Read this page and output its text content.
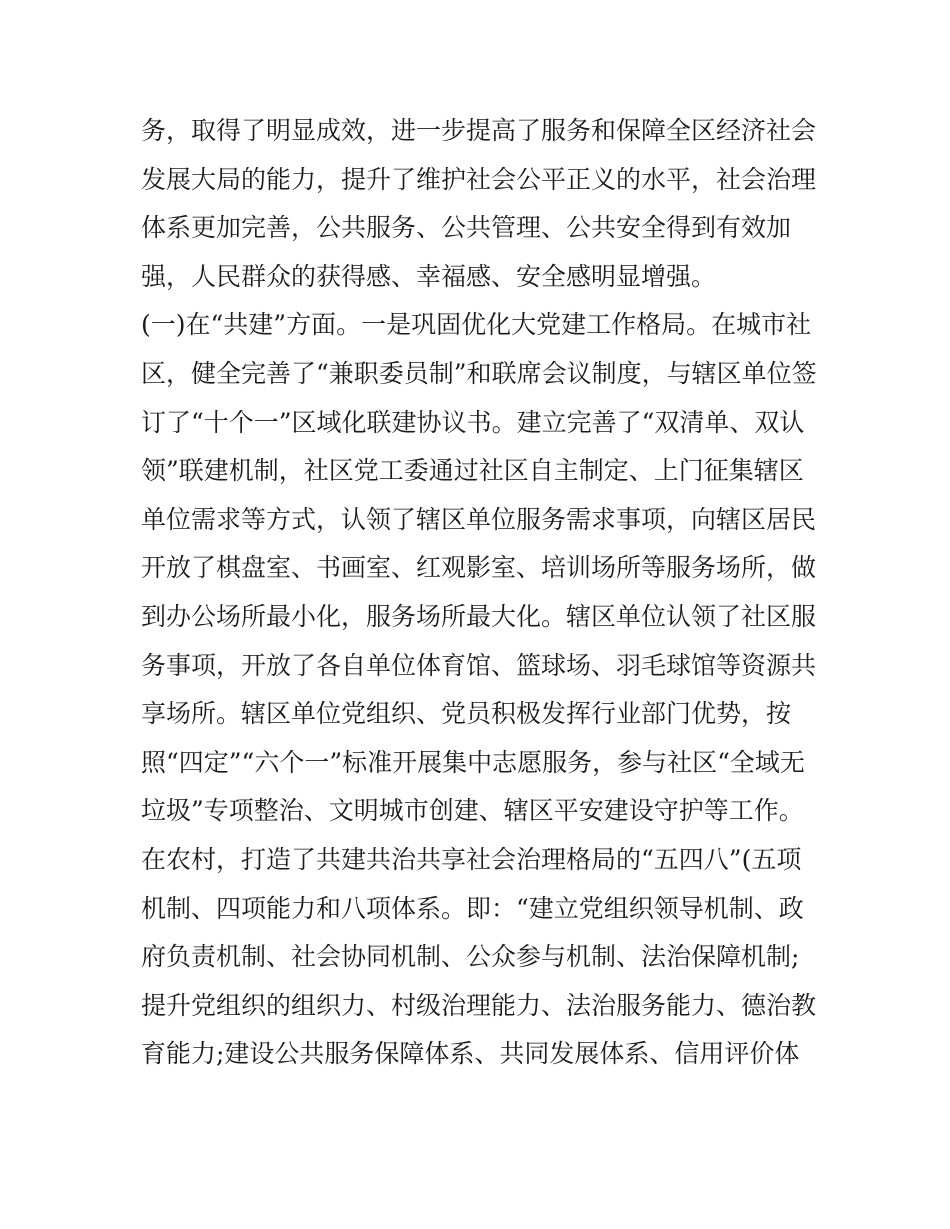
务，取得了明显成效，进一步提高了服务和保障全区经济社会
发展大局的能力，提升了维护社会公平正义的水平，社会治理
体系更加完善，公共服务、公共管理、公共安全得到有效加
强，人民群众的获得感、幸福感、安全感明显增强。
(一)在“共建”方面。一是巩固优化大党建工作格局。在城市社
区，健全完善了“兼职委员制”和联席会议制度，与辖区单位签
订了“十个一”区域化联建协议书。建立完善了“双清单、双认
领”联建机制，社区党工委通过社区自主制定、上门征集辖区
单位需求等方式，认领了辖区单位服务需求事项，向辖区居民
开放了棋盘室、书画室、红观影室、培训场所等服务场所，做
到办公场所最小化，服务场所最大化。辖区单位认领了社区服
务事项，开放了各自单位体育馆、篮球场、羽毛球馆等资源共
享场所。辖区单位党组织、党员积极发挥行业部门优势，按
照“四定”“六个一”标准开展集中志愿服务，参与社区“全域无
垃圾”专项整治、文明城市创建、辖区平安建设守护等工作。
在农村，打造了共建共治共享社会治理格局的“五四八”(五项
机制、四项能力和八项体系。即：“建立党组织领导机制、政
府负责机制、社会协同机制、公众参与机制、法治保障机制;
提升党组织的组织力、村级治理能力、法治服务能力、德治教
育能力;建设公共服务保障体系、共同发展体系、信用评价体
